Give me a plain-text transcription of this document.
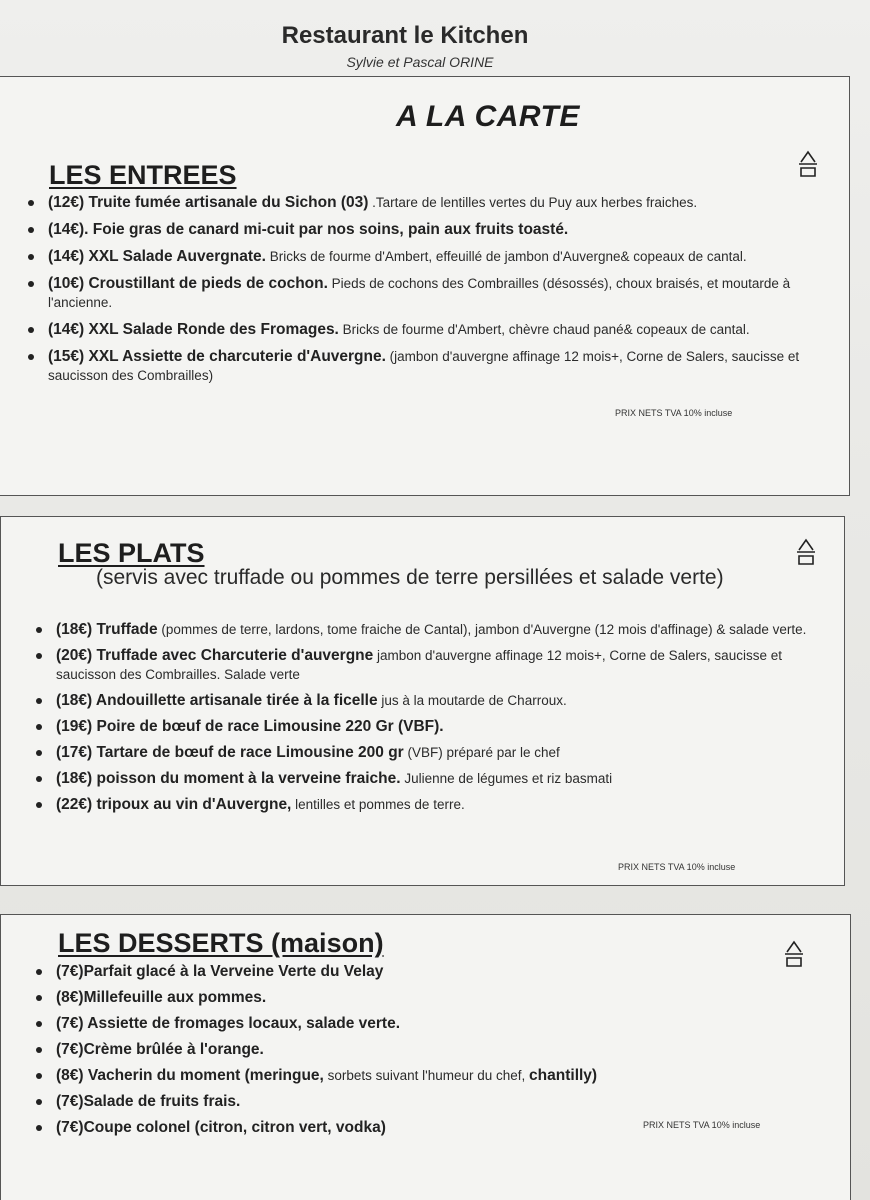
Restaurant le Kitchen
Sylvie et Pascal ORINE
A LA CARTE
LES ENTREES
(12€) Truite fumée artisanale du Sichon (03) .Tartare de lentilles vertes du Puy aux herbes fraiches.
(14€). Foie gras de canard mi-cuit par nos soins, pain aux fruits toasté.
(14€) XXL Salade Auvergnate. Bricks de fourme d'Ambert, effeuillé de jambon d'Auvergne& copeaux de cantal.
(10€) Croustillant de pieds de cochon. Pieds de cochons des Combrailles (désossés), choux braisés, et moutarde à l'ancienne.
(14€) XXL Salade Ronde des Fromages. Bricks de fourme d'Ambert, chèvre chaud pané& copeaux de cantal.
(15€) XXL Assiette de charcuterie d'Auvergne. (jambon d'auvergne affinage 12 mois+, Corne de Salers, saucisse et saucisson des Combrailles)
PRIX NETS TVA 10% incluse
LES PLATS
(servis avec truffade ou pommes de terre persillées et salade verte)
(18€) Truffade (pommes de terre, lardons, tome fraiche de Cantal), jambon d'Auvergne (12 mois d'affinage) & salade verte.
(20€) Truffade avec Charcuterie d'auvergne jambon d'auvergne affinage 12 mois+, Corne de Salers, saucisse et saucisson des Combrailles. Salade verte
(18€) Andouillette artisanale tirée à la ficelle jus à la moutarde de Charroux.
(19€) Poire de bœuf de race Limousine 220 Gr (VBF).
(17€) Tartare de bœuf de race Limousine 200 gr (VBF) préparé par le chef
(18€) poisson du moment à la verveine fraiche. Julienne de légumes et riz basmati
(22€) tripoux au vin d'Auvergne, lentilles et pommes de terre.
PRIX NETS TVA 10% incluse
LES DESSERTS (maison)
(7€)Parfait glacé à la Verveine Verte du Velay
(8€)Millefeuille aux pommes.
(7€) Assiette de fromages locaux, salade verte.
(7€)Crème brûlée à l'orange.
(8€) Vacherin du moment (meringue, sorbets suivant l'humeur du chef, chantilly)
(7€)Salade de fruits frais.
(7€)Coupe colonel (citron, citron vert, vodka)	PRIX NETS TVA 10% incluse
